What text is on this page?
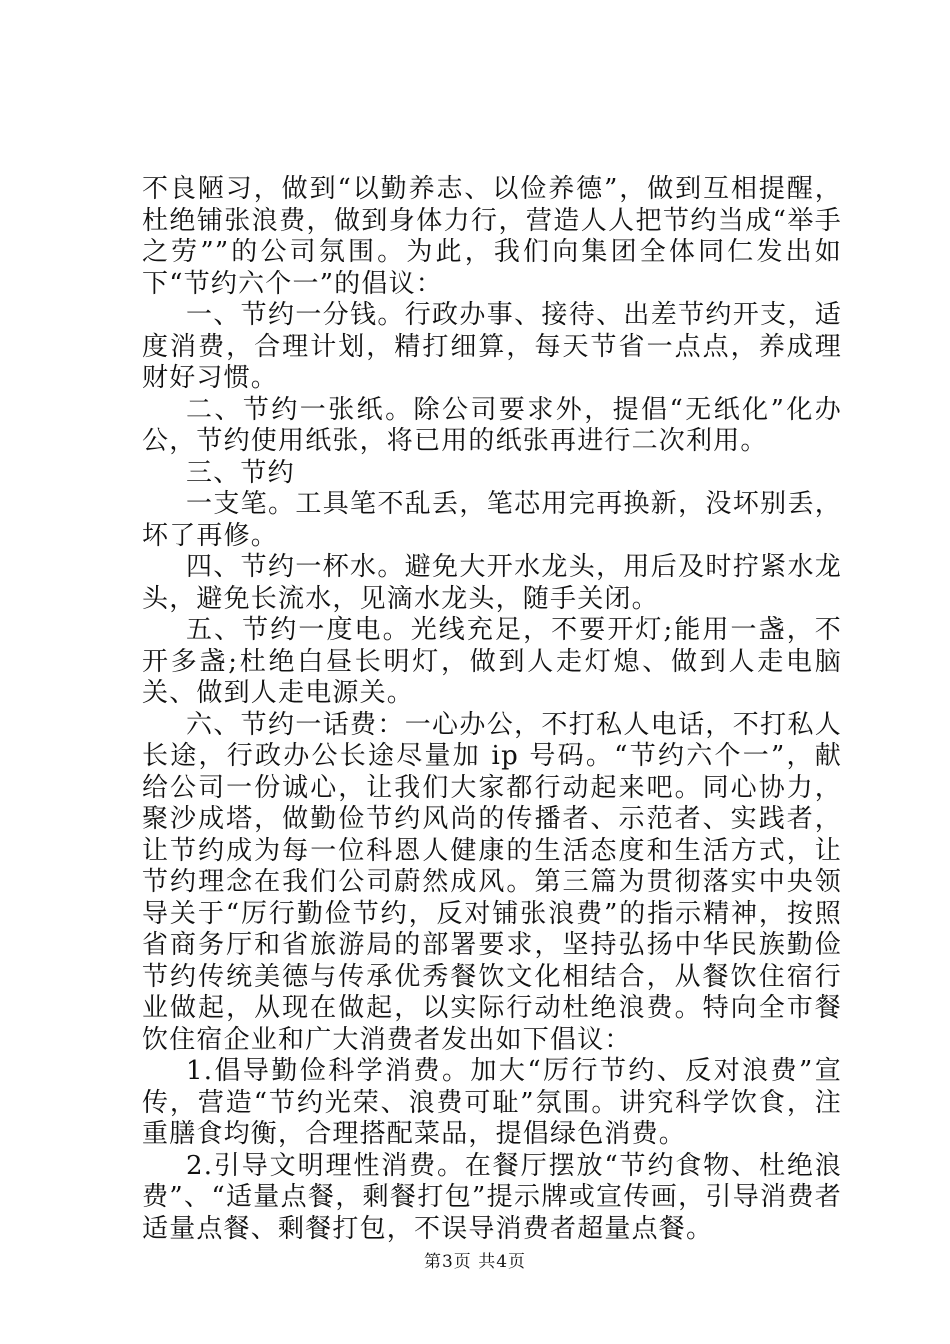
不良陋习，做到“以勤养志、以俭养德”，做到互相提醒，杜绝铺张浪费，做到身体力行，营造人人把节约当成“举手之劳””的公司氛围。为此，我们向集团全体同仁发出如下“节约六个一”的倡议：

一、节约一分钱。行政办事、接待、出差节约开支，适度消费，合理计划，精打细算，每天节省一点点，养成理财好习惯。

二、节约一张纸。除公司要求外，提倡“无纸化”化办公，节约使用纸张，将已用的纸张再进行二次利用。

三、节约

一支笔。工具笔不乱丢，笔芯用完再换新，没坏别丢，坏了再修。

四、节约一杯水。避免大开水龙头，用后及时拧紧水龙头，避免长流水，见滴水龙头，随手关闭。

五、节约一度电。光线充足，不要开灯;能用一盏，不开多盏;杜绝白昼长明灯，做到人走灯熄、做到人走电脑关、做到人走电源关。

六、节约一话费：一心办公，不打私人电话，不打私人长途，行政办公长途尽量加 ip 号码。“节约六个一”，献给公司一份诚心，让我们大家都行动起来吧。同心协力，聚沙成塔，做勤俭节约风尚的传播者、示范者、实践者，让节约成为每一位科恩人健康的生活态度和生活方式，让节约理念在我们公司蔚然成风。第三篇为贯彻落实中央领导关于“厉行勤俭节约，反对铺张浪费”的指示精神，按照省商务厅和省旅游局的部署要求，坚持弘扬中华民族勤俭节约传统美德与传承优秀餐饮文化相结合，从餐饮住宿行业做起，从现在做起，以实际行动杜绝浪费。特向全市餐饮住宿企业和广大消费者发出如下倡议：

1.倡导勤俭科学消费。加大“厉行节约、反对浪费”宣传，营造“节约光荣、浪费可耻”氛围。讲究科学饮食，注重膳食均衡，合理搭配菜品，提倡绿色消费。

2.引导文明理性消费。在餐厅摆放“节约食物、杜绝浪费”、“适量点餐，剩餐打包”提示牌或宣传画，引导消费者适量点餐、剩餐打包，不误导消费者超量点餐。

第3页 共4页
